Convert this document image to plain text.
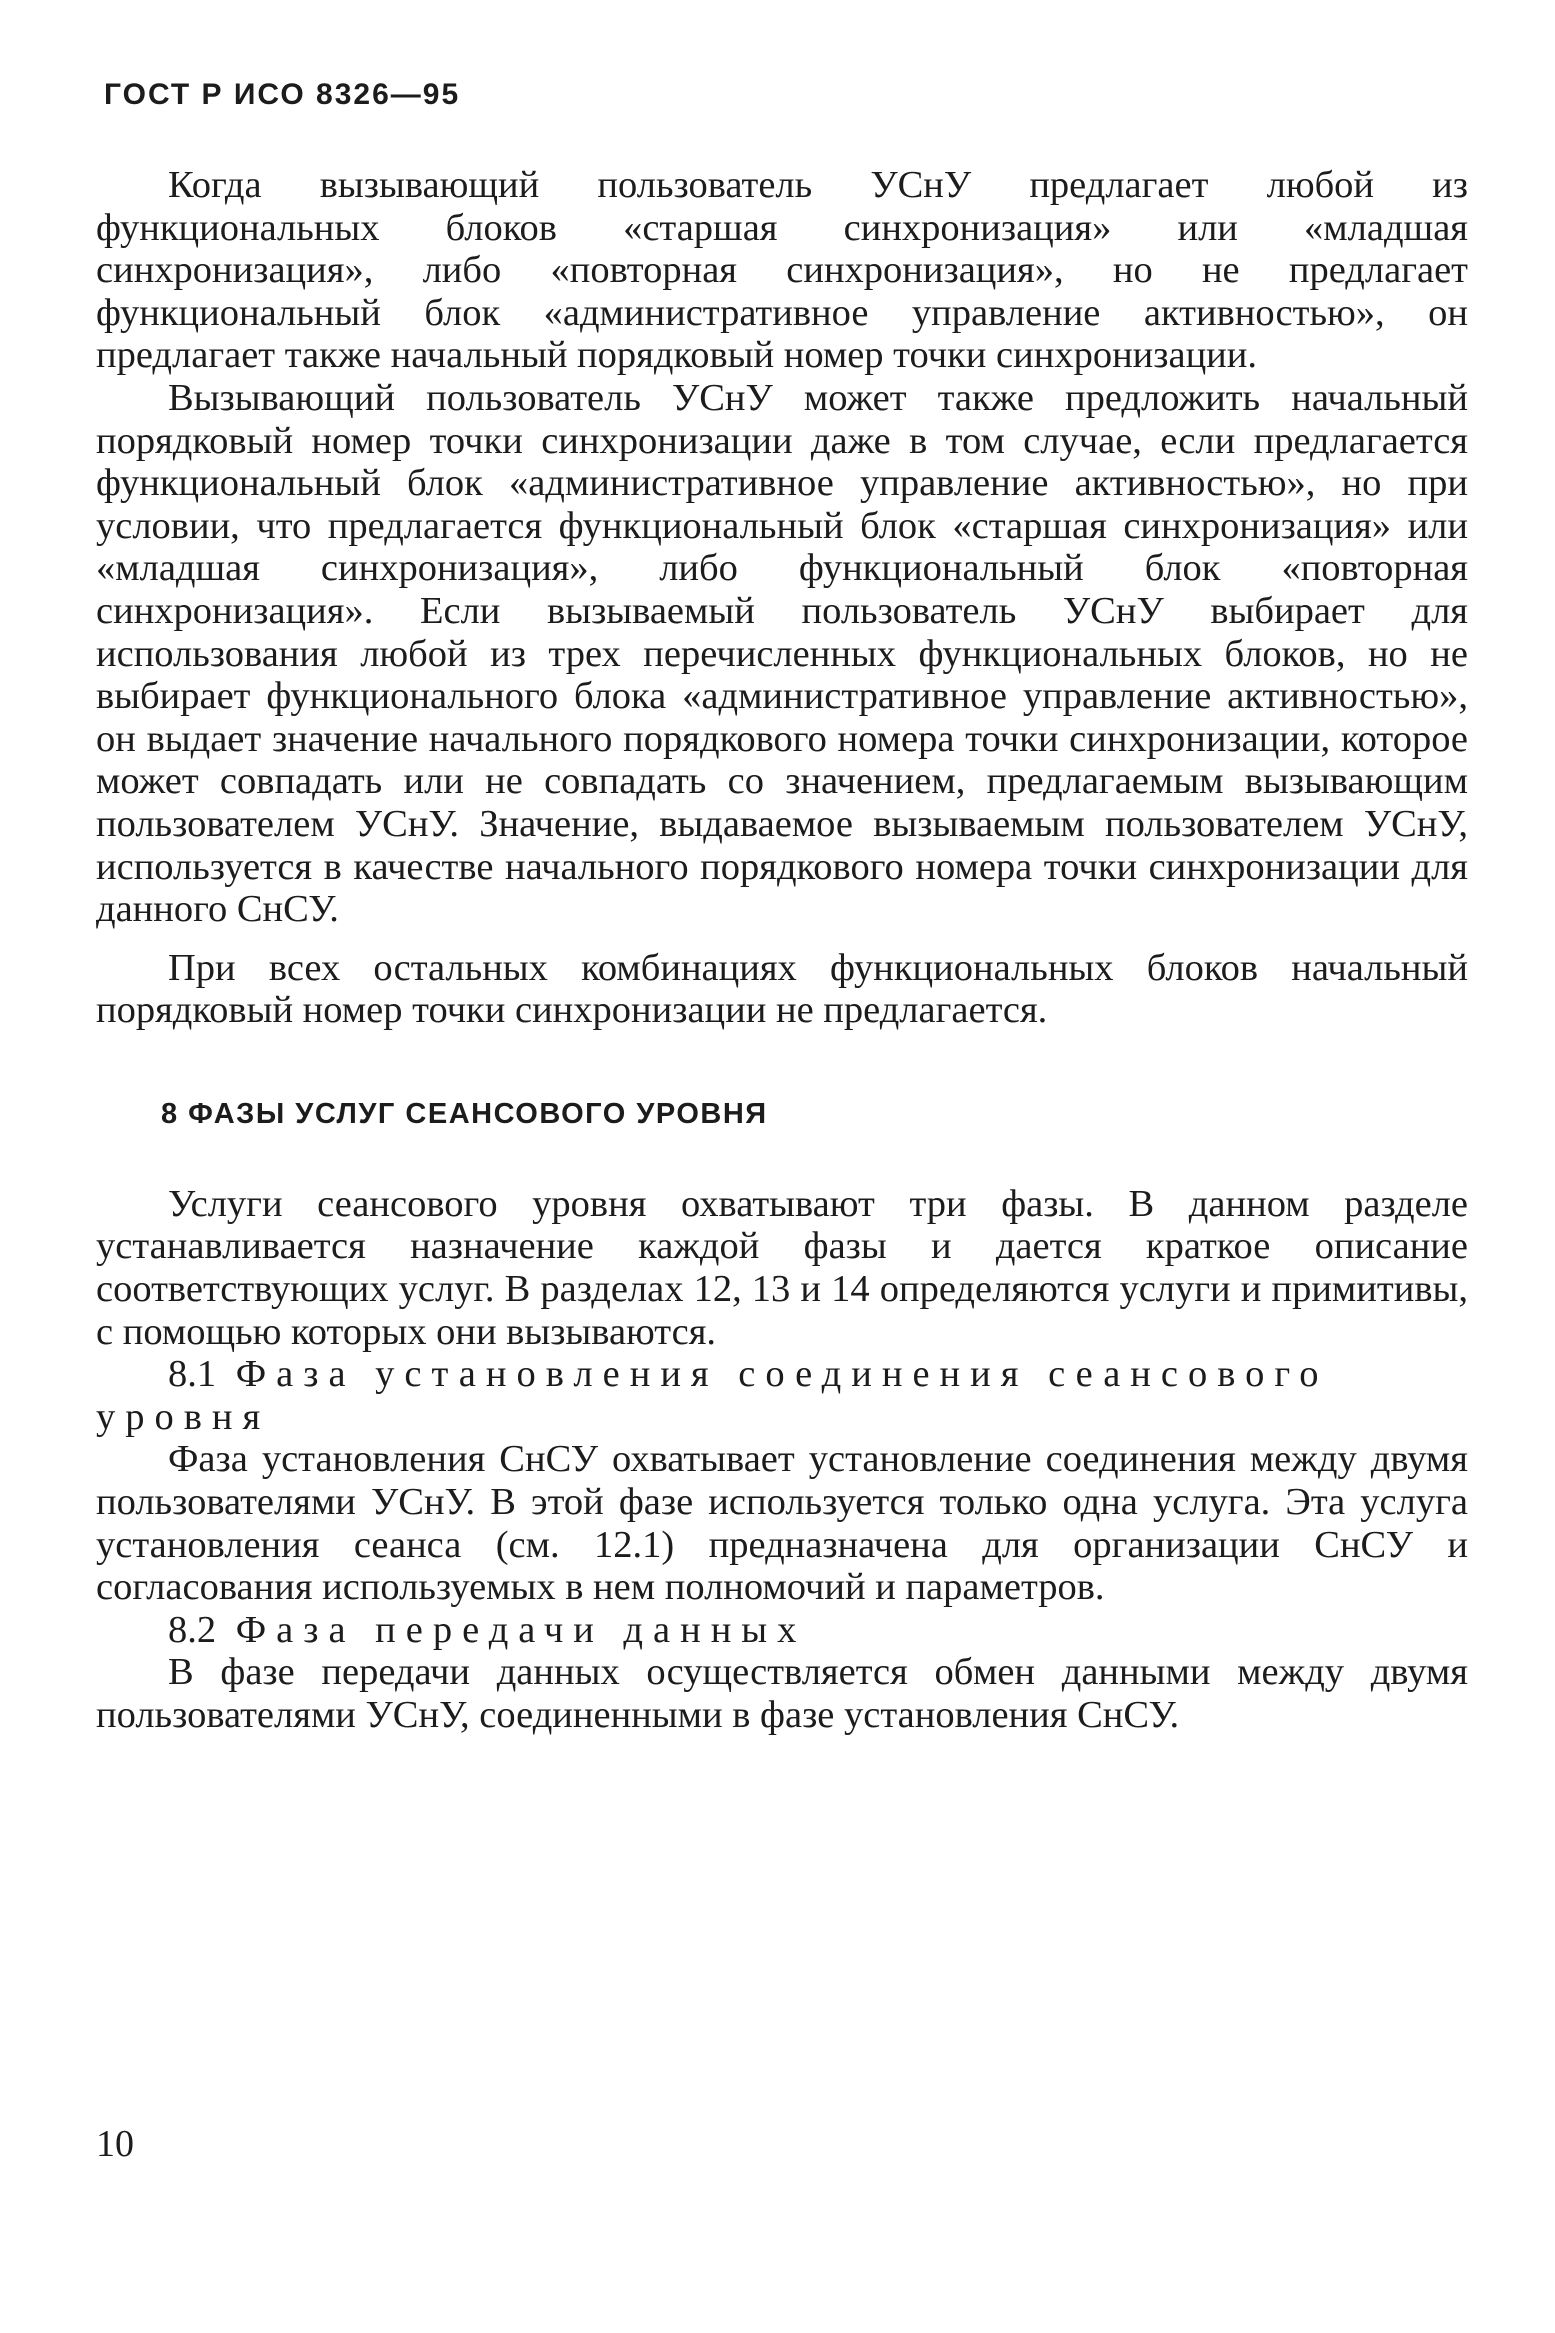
ГОСТ Р ИСО 8326—95

Когда вызывающий пользователь УСнУ предлагает любой из функциональных блоков «старшая синхронизация» или «младшая синхронизация», либо «повторная синхронизация», но не предлагает функциональный блок «административное управление активностью», он предлагает также начальный порядковый номер точки синхронизации.

Вызывающий пользователь УСнУ может также предложить начальный порядковый номер точки синхронизации даже в том случае, если предлагается функциональный блок «административное управление активностью», но при условии, что предлагается функциональный блок «старшая синхронизация» или «младшая синхронизация», либо функциональный блок «повторная синхронизация». Если вызываемый пользователь УСнУ выбирает для использования любой из трех перечисленных функциональных блоков, но не выбирает функционального блока «административное управление активностью», он выдает значение начального порядкового номера точки синхронизации, которое может совпадать или не совпадать со значением, предлагаемым вызывающим пользователем УСнУ. Значение, выдаваемое вызываемым пользователем УСнУ, используется в качестве начального порядкового номера точки синхронизации для данного СнСУ.

При всех остальных комбинациях функциональных блоков начальный порядковый номер точки синхронизации не предлагается.

8 ФАЗЫ УСЛУГ СЕАНСОВОГО УРОВНЯ

Услуги сеансового уровня охватывают три фазы. В данном разделе устанавливается назначение каждой фазы и дается краткое описание соответствующих услуг. В разделах 12, 13 и 14 определяются услуги и примитивы, с помощью которых они вызываются.

8.1 Фаза установления соединения сеансового уровня

Фаза установления СнСУ охватывает установление соединения между двумя пользователями УСнУ. В этой фазе используется только одна услуга. Эта услуга установления сеанса (см. 12.1) предназначена для организации СнСУ и согласования используемых в нем полномочий и параметров.

8.2 Фаза передачи данных

В фазе передачи данных осуществляется обмен данными между двумя пользователями УСнУ, соединенными в фазе установления СнСУ.

10
